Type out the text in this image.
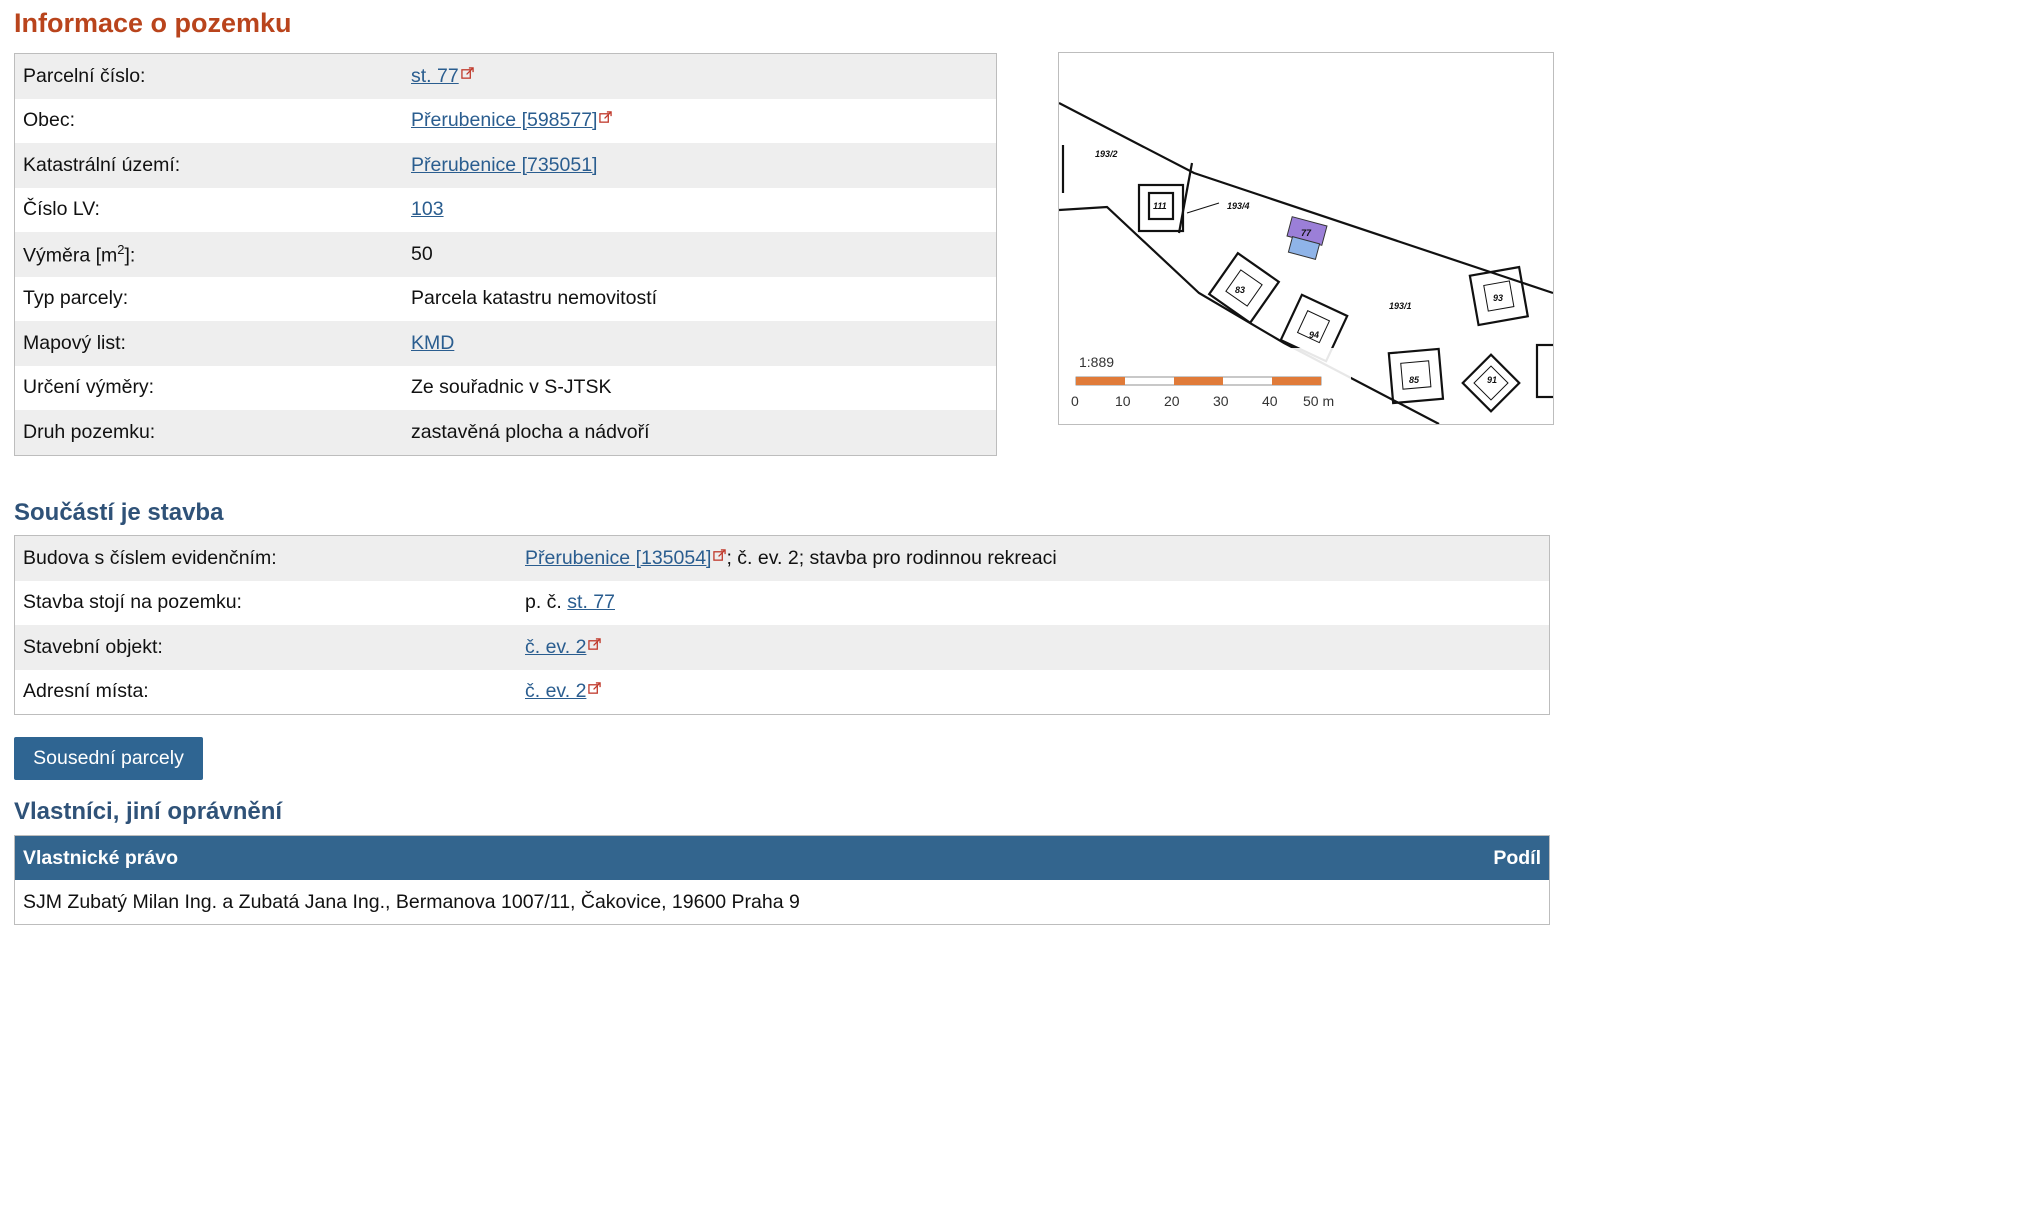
Informace o pozemku
Parcelní číslo:	st. 77
Obec:	Přerubenice [598577]
Katastrální území:	Přerubenice [735051]
Číslo LV:	103
Výměra $[m^2]$:	50
Typ parcely:	Parcela katastru nemovitostí
Mapový list:	KMD
Určení výměry:	Ze souřadnic v S-JTSK
Druh pozemku:	zastavěná plocha a nádvoří
193/2
111	193/4
77
83
94
193/1
93
85	91
1:889
0	10 20 30 40 50 m
Součástí je stavba
Budova s číslem evidenčním:	Přerubenice [135054] ; č. ev. 2; stavba pro rodinnou rekreaci
Stavba stojí na pozemku:	p. č. st. 77
Stavební objekt:	č. ev. 2
Adresní místa:	č. ev. 2
Sousední parcely
Vlastníci, jiní oprávnění
Vlastnické právo	Podíl
SJM Zubatý Milan Ing. a Zubatá Jana Ing., Bermanova 1007/11, Čakovice, 19600 Praha 9
